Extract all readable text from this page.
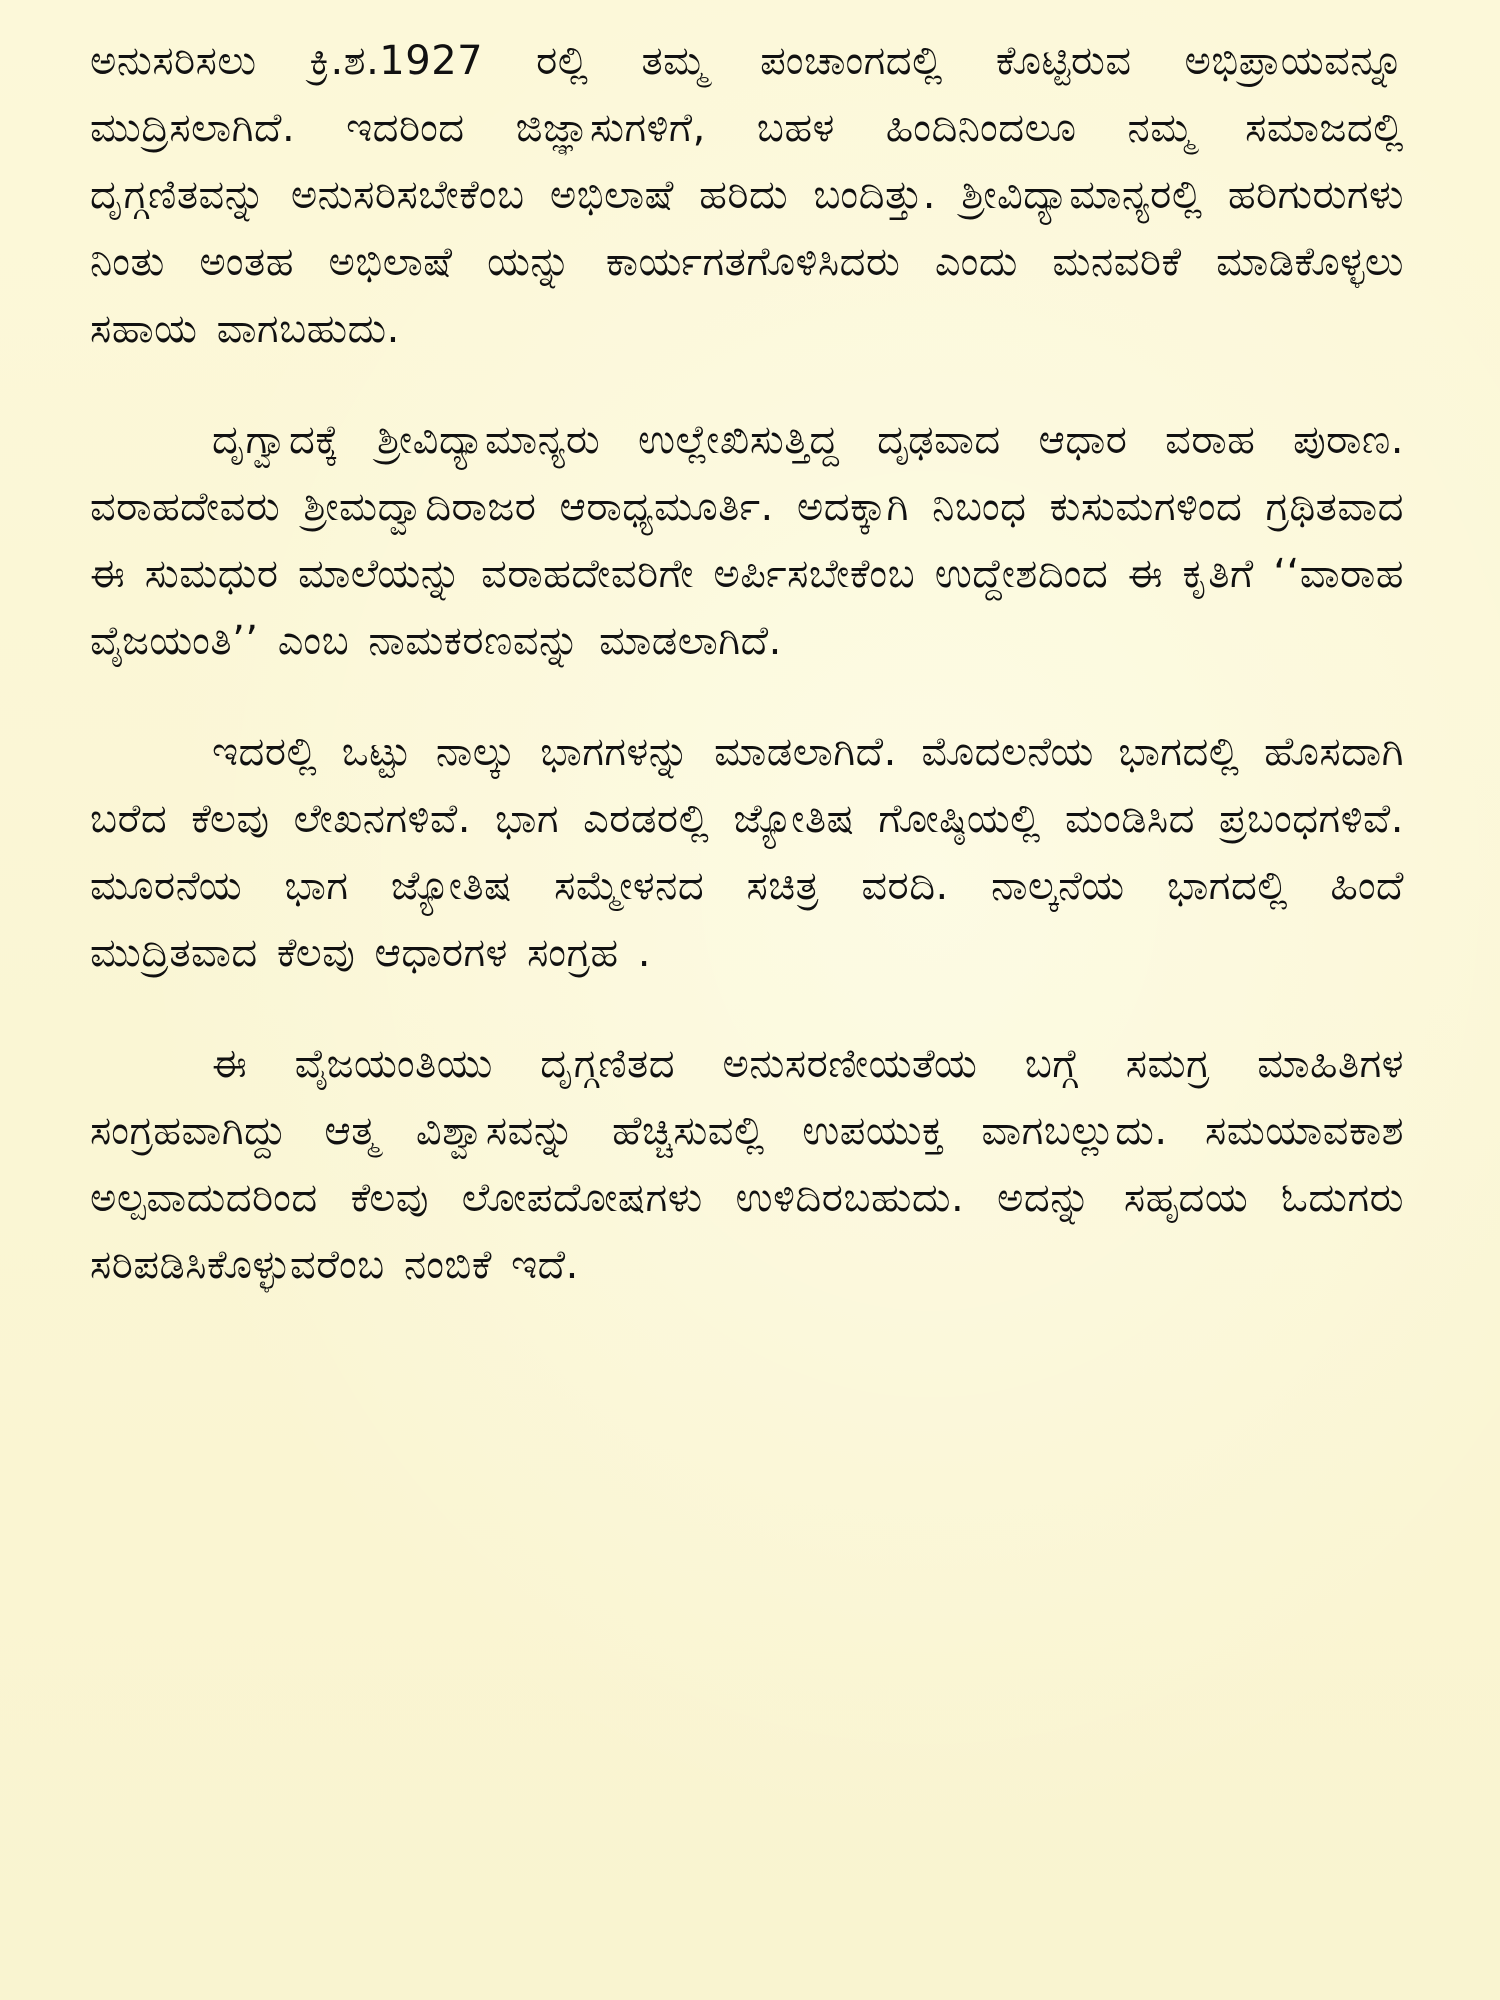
ಅನುಸರಿಸಲು ಕ್ರಿ.ಶ.1927 ರಲ್ಲಿ ತಮ್ಮ ಪಂಚಾಂಗದಲ್ಲಿ ಕೊಟ್ಟಿರುವ ಅಭಿಪ್ರಾಯವನ್ನೂ ಮುದ್ರಿಸಲಾಗಿದೆ. ಇದರಿಂದ ಜಿಜ್ಞಾಸುಗಳಿಗೆ, ಬಹಳ ಹಿಂದಿನಿಂದಲೂ ನಮ್ಮ ಸಮಾಜದಲ್ಲಿ ದೃಗ್ಗಣಿತವನ್ನು ಅನುಸರಿಸಬೇಕೆಂಬ ಅಭಿಲಾಷೆ ಹರಿದು ಬಂದಿತ್ತು. ಶ್ರೀವಿದ್ಯಾಮಾನ್ಯರಲ್ಲಿ ಹರಿಗುರುಗಳು ನಿಂತು ಅಂತಹ ಅಭಿಲಾಷೆ ಯನ್ನು ಕಾರ್ಯಗತಗೊಳಿಸಿದರು ಎಂದು ಮನವರಿಕೆ ಮಾಡಿಕೊಳ್ಳಲು ಸಹಾಯ ವಾಗಬಹುದು.

ದೃಗ್ವಾದಕ್ಕೆ ಶ್ರೀವಿದ್ಯಾಮಾನ್ಯರು ಉಲ್ಲೇಖಿಸುತ್ತಿದ್ದ ದೃಢವಾದ ಆಧಾರ ವರಾಹ ಪುರಾಣ. ವರಾಹದೇವರು ಶ್ರೀಮದ್ವಾದಿರಾಜರ ಆರಾಧ್ಯಮೂರ್ತಿ. ಅದಕ್ಕಾಗಿ ನಿಬಂಧ ಕುಸುಮಗಳಿಂದ ಗ್ರಥಿತವಾದ ಈ ಸುಮಧುರ ಮಾಲೆಯನ್ನು ವರಾಹದೇವರಿಗೇ ಅರ್ಪಿಸಬೇಕೆಂಬ ಉದ್ದೇಶದಿಂದ ಈ ಕೃತಿಗೆ ‘‘ವಾರಾಹ ವೈಜಯಂತಿ’’ ಎಂಬ ನಾಮಕರಣವನ್ನು ಮಾಡಲಾಗಿದೆ.

ಇದರಲ್ಲಿ ಒಟ್ಟು ನಾಲ್ಕು ಭಾಗಗಳನ್ನು ಮಾಡಲಾಗಿದೆ. ಮೊದಲನೆಯ ಭಾಗದಲ್ಲಿ ಹೊಸದಾಗಿ ಬರೆದ ಕೆಲವು ಲೇಖನಗಳಿವೆ. ಭಾಗ ಎರಡರಲ್ಲಿ ಜ್ಯೋತಿಷ ಗೋಷ್ಠಿಯಲ್ಲಿ ಮಂಡಿಸಿದ ಪ್ರಬಂಧಗಳಿವೆ. ಮೂರನೆಯ ಭಾಗ ಜ್ಯೋತಿಷ ಸಮ್ಮೇಳನದ ಸಚಿತ್ರ ವರದಿ. ನಾಲ್ಕನೆಯ ಭಾಗದಲ್ಲಿ ಹಿಂದೆ ಮುದ್ರಿತವಾದ ಕೆಲವು ಆಧಾರಗಳ ಸಂಗ್ರಹ .

ಈ ವೈಜಯಂತಿಯು ದೃಗ್ಗಣಿತದ ಅನುಸರಣೀಯತೆಯ ಬಗ್ಗೆ ಸಮಗ್ರ ಮಾಹಿತಿಗಳ ಸಂಗ್ರಹವಾಗಿದ್ದು ಆತ್ಮ ವಿಶ್ವಾಸವನ್ನು ಹೆಚ್ಚಿಸುವಲ್ಲಿ ಉಪಯುಕ್ತ ವಾಗಬಲ್ಲುದು. ಸಮಯಾವಕಾಶ ಅಲ್ಪವಾದುದರಿಂದ ಕೆಲವು ಲೋಪದೋಷಗಳು ಉಳಿದಿರಬಹುದು. ಅದನ್ನು ಸಹೃದಯ ಓದುಗರು ಸರಿಪಡಿಸಿಕೊಳ್ಳುವರೆಂಬ ನಂಬಿಕೆ ಇದೆ.
